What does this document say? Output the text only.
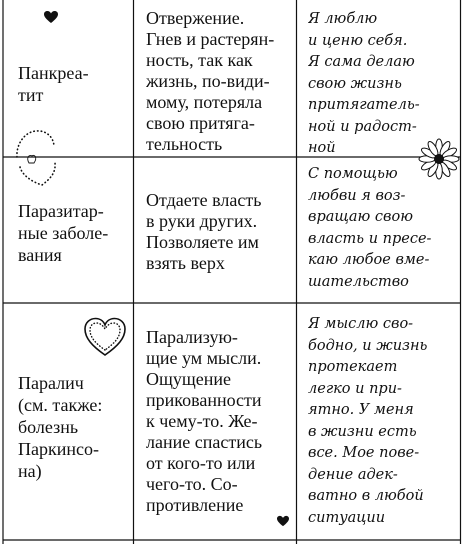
Панкреа-
тит
Отвержение.
Гнев и растерян-
ность, так как
жизнь, по-види-
мому, потеряла
свою притяга-
тельность
Я люблю
и ценю себя.
Я сама делаю
свою жизнь
притягатель-
ной и радост-
ной
Паразитар-
ные заболе-
вания
Отдаете власть
в руки других.
Позволяете им
взять верх
С помощью
любви я воз-
вращаю свою
власть и пресе-
каю любое вме-
шательство
Паралич
(см. также:
болезнь
Паркинсо-
на)
Парализую-
щие ум мысли.
Ощущение
прикованности
к чему-то. Же-
лание спастись
от кого-то или
чего-то. Со-
противление
Я мыслю сво-
бодно, и жизнь
протекает
легко и при-
ятно. У меня
в жизни есть
все. Мое пове-
дение адек-
ватно в любой
ситуации
